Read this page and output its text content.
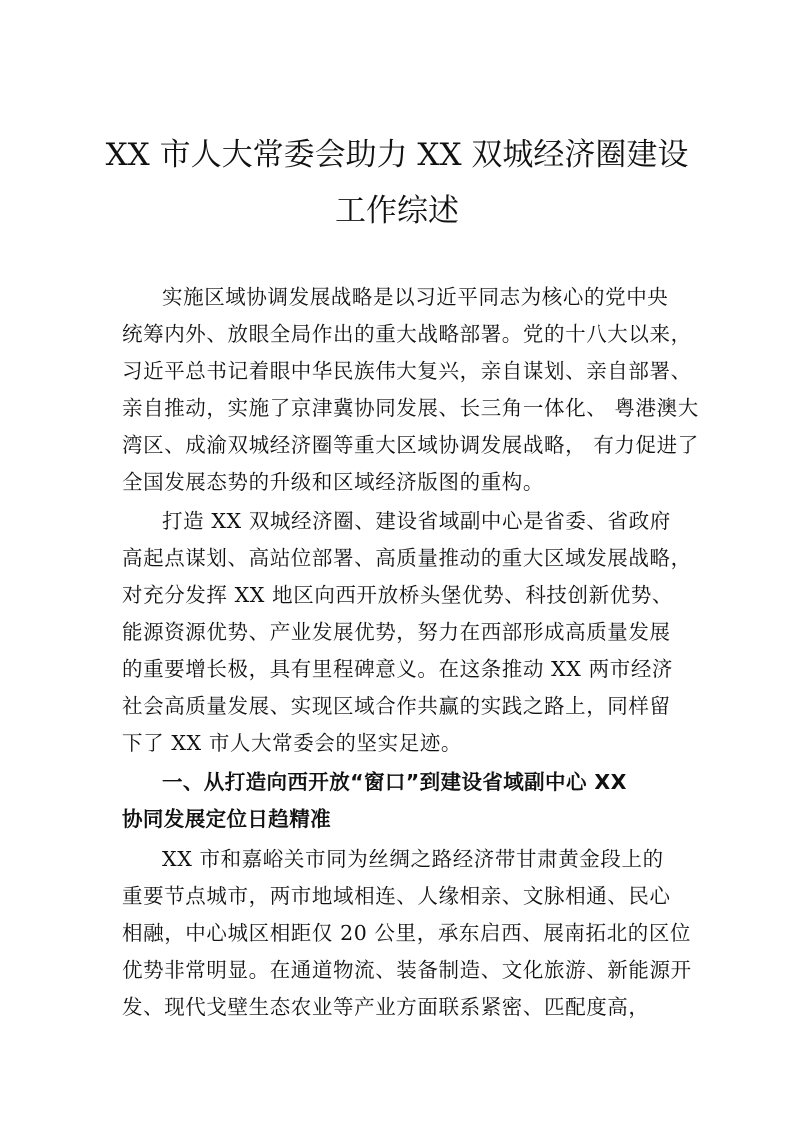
XX 市人大常委会助力 XX 双城经济圈建设
工作综述
实施区域协调发展战略是以习近平同志为核心的党中央
统筹内外、放眼全局作出的重大战略部署。党的十八大以来，
习近平总书记着眼中华民族伟大复兴，亲自谋划、亲自部署、
亲自推动，实施了京津冀协同发展、长三角一体化、 粤港澳大
湾区、成渝双城经济圈等重大区域协调发展战略， 有力促进了
全国发展态势的升级和区域经济版图的重构。
打造 XX 双城经济圈、建设省域副中心是省委、省政府
高起点谋划、高站位部署、高质量推动的重大区域发展战略，
对充分发挥 XX 地区向西开放桥头堡优势、科技创新优势、
能源资源优势、产业发展优势，努力在西部形成高质量发展
的重要增长极，具有里程碑意义。在这条推动 XX 两市经济
社会高质量发展、实现区域合作共赢的实践之路上，同样留
下了 XX 市人大常委会的坚实足迹。
一、从打造向西开放“窗口”到建设省域副中心 XX
协同发展定位日趋精准
XX 市和嘉峪关市同为丝绸之路经济带甘肃黄金段上的
重要节点城市，两市地域相连、人缘相亲、文脉相通、民心
相融，中心城区相距仅 20 公里，承东启西、展南拓北的区位
优势非常明显。在通道物流、装备制造、文化旅游、新能源开
发、现代戈壁生态农业等产业方面联系紧密、匹配度高，
